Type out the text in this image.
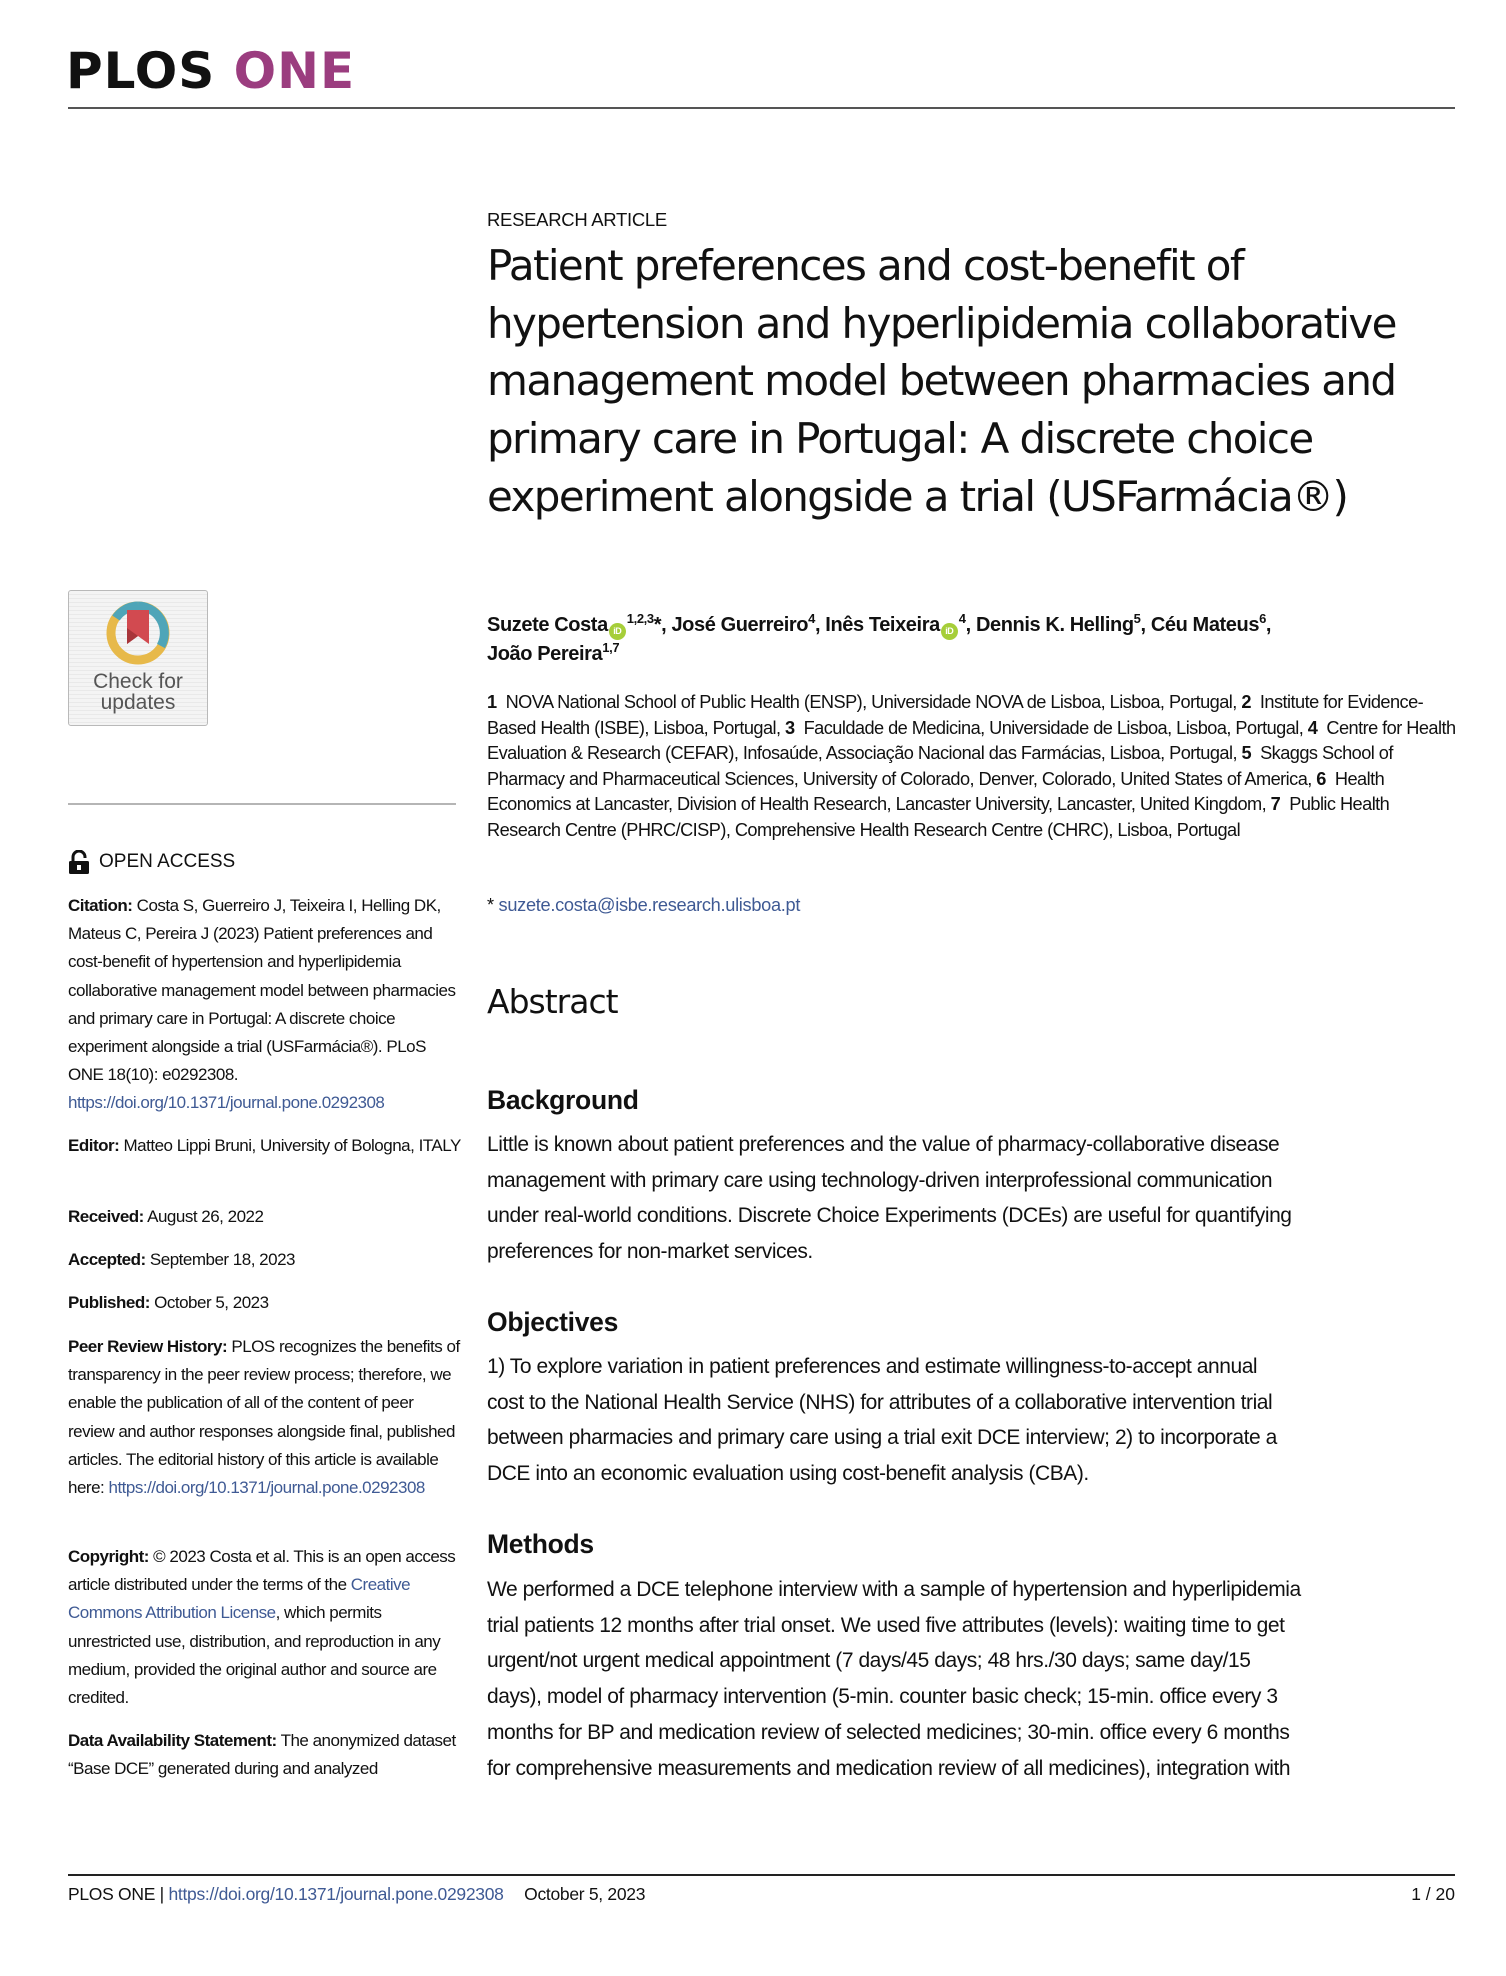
PLOS ONE
Check for
updates
OPEN ACCESS
Citation: Costa S, Guerreiro J, Teixeira I, Helling DK, Mateus C, Pereira J (2023) Patient preferences and cost-benefit of hypertension and hyperlipidemia collaborative management model between pharmacies and primary care in Portugal: A discrete choice experiment alongside a trial (USFarmácia®). PLoS ONE 18(10): e0292308. https://doi.org/10.1371/journal.pone.0292308
Editor: Matteo Lippi Bruni, University of Bologna, ITALY
Received: August 26, 2022
Accepted: September 18, 2023
Published: October 5, 2023
Peer Review History: PLOS recognizes the benefits of transparency in the peer review process; therefore, we enable the publication of all of the content of peer review and author responses alongside final, published articles. The editorial history of this article is available here: https://doi.org/10.1371/journal.pone.0292308
Copyright: © 2023 Costa et al. This is an open access article distributed under the terms of the Creative Commons Attribution License, which permits unrestricted use, distribution, and reproduction in any medium, provided the original author and source are credited.
Data Availability Statement: The anonymized dataset “Base DCE” generated during and analyzed
RESEARCH ARTICLE
Patient preferences and cost-benefit of hypertension and hyperlipidemia collaborative management model between pharmacies and primary care in Portugal: A discrete choice experiment alongside a trial (USFarmácia®)
Suzete Costa iD$^{1,2,3}$*, José Guerreiro$^4$, Inês Teixeira $iD^4$, Dennis K. Helling$^5$, Céu Mateus$^6$,
João Pereira$^{1,7}$
1 NOVA National School of Public Health (ENSP), Universidade NOVA de Lisboa, Lisboa, Portugal, 2 Institute for Evidence-Based Health (ISBE), Lisboa, Portugal, 3 Faculdade de Medicina, Universidade de Lisboa, Lisboa, Portugal, 4 Centre for Health Evaluation & Research (CEFAR), Infosaúde, Associação Nacional das Farmácias, Lisboa, Portugal, 5 Skaggs School of Pharmacy and Pharmaceutical Sciences, University of Colorado, Denver, Colorado, United States of America, 6 Health Economics at Lancaster, Division of Health Research, Lancaster University, Lancaster, United Kingdom, 7 Public Health Research Centre (PHRC/CISP), Comprehensive Health Research Centre (CHRC), Lisboa, Portugal
* suzete.costa@isbe.research.ulisboa.pt
Abstract
Background
Little is known about patient preferences and the value of pharmacy-collaborative disease
management with primary care using technology-driven interprofessional communication
under real-world conditions. Discrete Choice Experiments (DCEs) are useful for quantifying
preferences for non-market services.
Objectives
1) To explore variation in patient preferences and estimate willingness-to-accept annual
cost to the National Health Service (NHS) for attributes of a collaborative intervention trial
between pharmacies and primary care using a trial exit DCE interview; 2) to incorporate a
DCE into an economic evaluation using cost-benefit analysis (CBA).
Methods
We performed a DCE telephone interview with a sample of hypertension and hyperlipidemia
trial patients 12 months after trial onset. We used five attributes (levels): waiting time to get
urgent/not urgent medical appointment (7 days/45 days; 48 hrs./30 days; same day/15
days), model of pharmacy intervention (5-min. counter basic check; 15-min. office every 3
months for BP and medication review of selected medicines; 30-min. office every 6 months
for comprehensive measurements and medication review of all medicines), integration with
PLOS ONE | https://doi.org/10.1371/journal.pone.0292308 October 5, 2023	1 / 20
